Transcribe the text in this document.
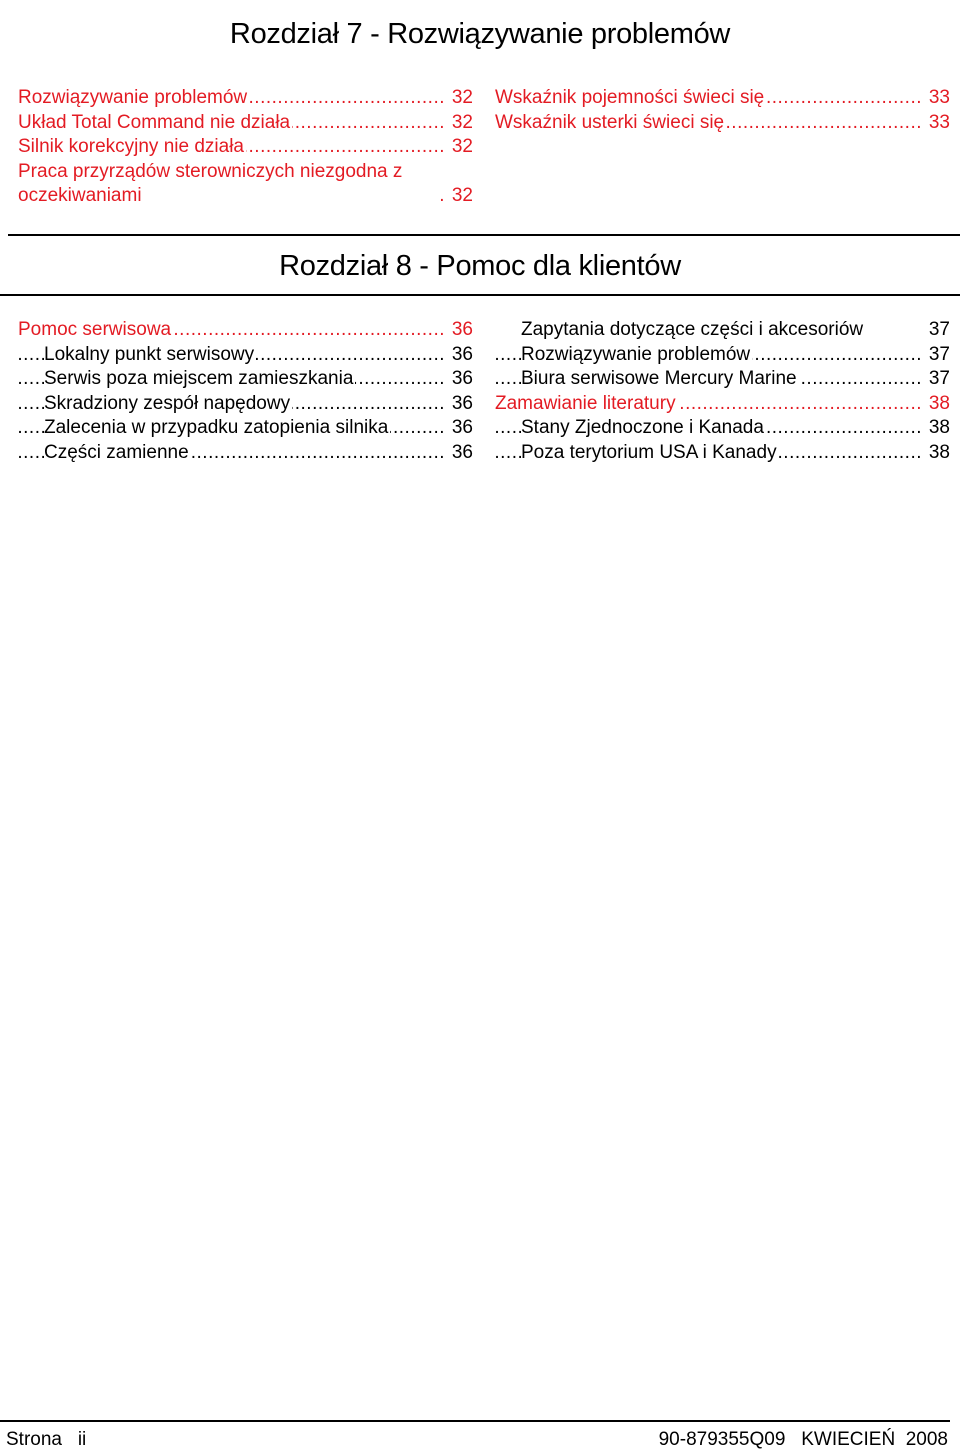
Rozdział 7 - Rozwiązywanie problemów
.....
Rozwiązywanie problemów	32
.....
Układ Total Command nie działa	32
.....
Silnik korekcyjny nie działa	32
.....
Praca przyrządów sterowniczych niezgodna z oczekiwaniami	32
.....
Wskaźnik pojemności świeci się	33
.....
Wskaźnik usterki świeci się	33
Rozdział 8 - Pomoc dla klientów
.....
Pomoc serwisowa	36
.....
Lokalny punkt serwisowy	36
.....
Serwis poza miejscem zamieszkania	36
.....
Skradziony zespół napędowy	36
.....
Zalecenia w przypadku zatopienia silnika	36
.....
Części zamienne	36
Zapytania dotyczące części i akcesoriów	37
.....
Rozwiązywanie problemów	37
.....
Biura serwisowe Mercury Marine	37
.....
Zamawianie literatury	38
.....
Stany Zjednoczone i Kanada	38
.....
Poza terytorium USA i Kanady	38
Strona   ii	90-879355Q09   KWIECIEŃ  2008
